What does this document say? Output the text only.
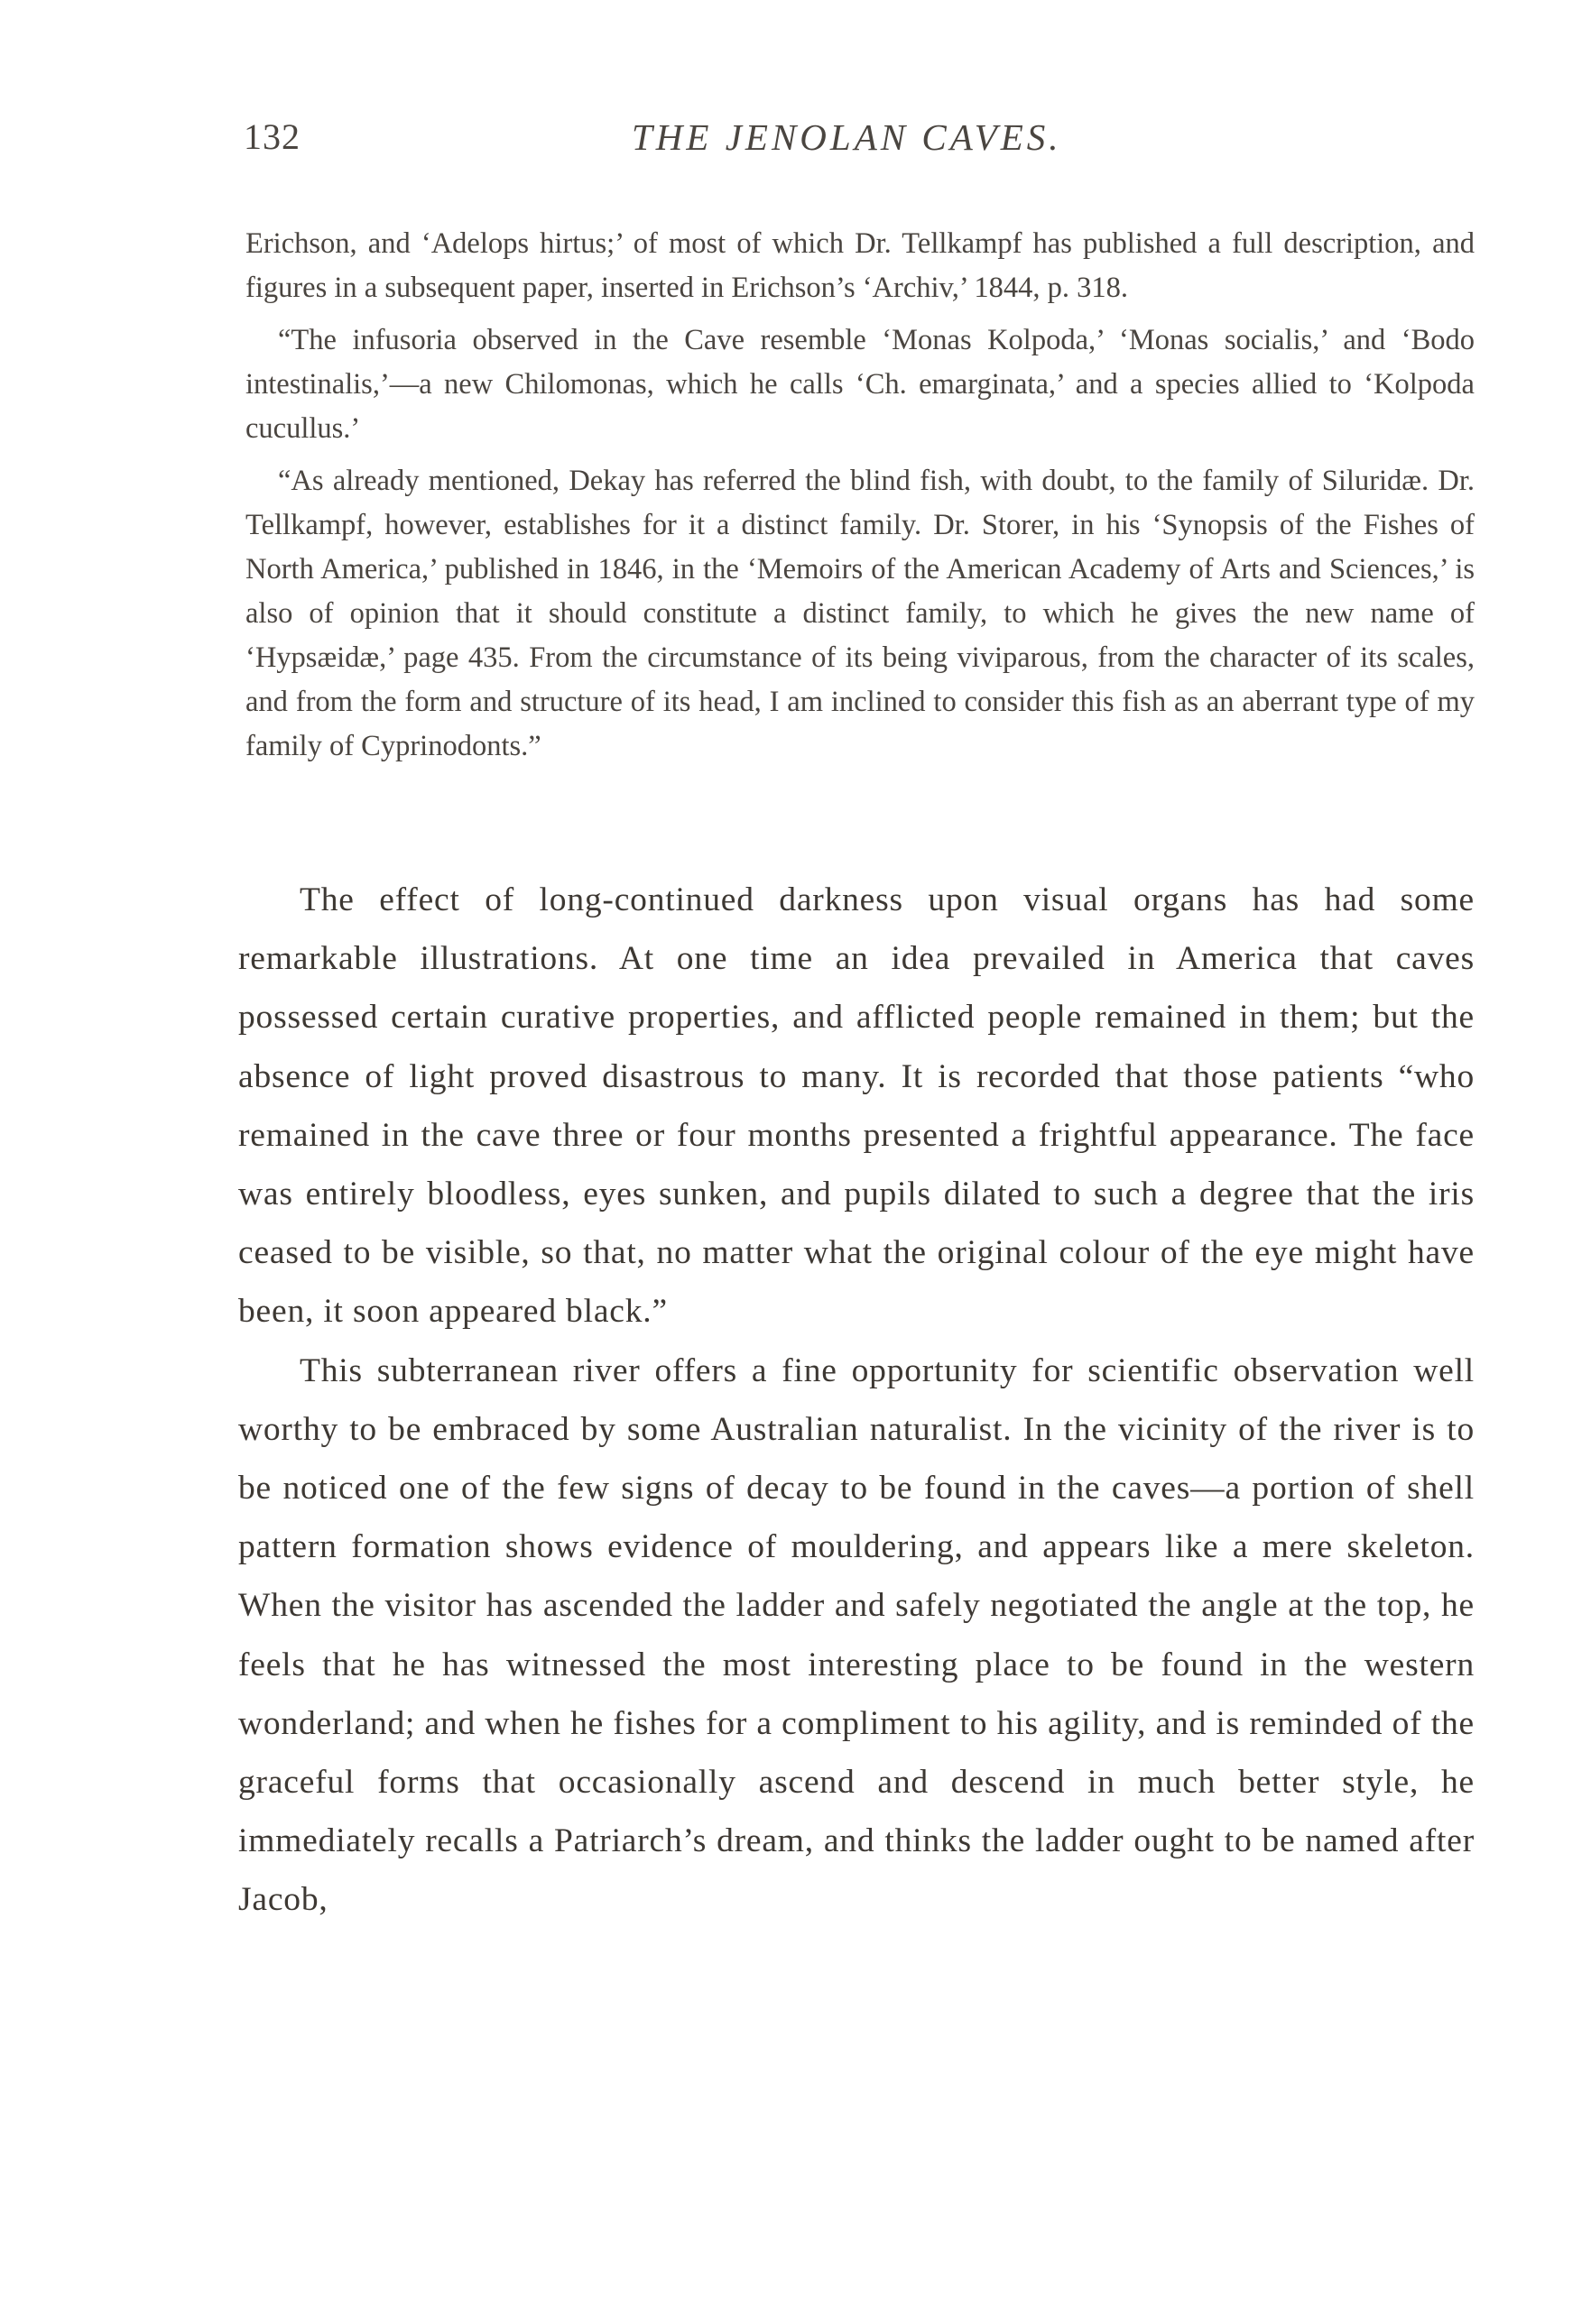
132	THE JENOLAN CAVES.

Erichson, and ‘Adelops hirtus;’ of most of which Dr. Tellkampf has published a full description, and figures in a subsequent paper, inserted in Erichson’s ‘Archiv,’ 1844, p. 318.

“The infusoria observed in the Cave resemble ‘Monas Kolpoda,’ ‘Monas socialis,’ and ‘Bodo intestinalis,’—a new Chilomonas, which he calls ‘Ch. emarginata,’ and a species allied to ‘Kolpoda cucullus.’

“As already mentioned, Dekay has referred the blind fish, with doubt, to the family of Siluridæ. Dr. Tellkampf, however, establishes for it a distinct family. Dr. Storer, in his ‘Synopsis of the Fishes of North America,’ published in 1846, in the ‘Memoirs of the American Academy of Arts and Sciences,’ is also of opinion that it should constitute a distinct family, to which he gives the new name of ‘Hypsæidæ,’ page 435. From the circumstance of its being viviparous, from the character of its scales, and from the form and structure of its head, I am inclined to consider this fish as an aberrant type of my family of Cyprinodonts.”

The effect of long-continued darkness upon visual organs has had some remarkable illustrations. At one time an idea prevailed in America that caves possessed certain curative properties, and afflicted people remained in them; but the absence of light proved disastrous to many. It is recorded that those patients “who remained in the cave three or four months presented a frightful appearance. The face was entirely bloodless, eyes sunken, and pupils dilated to such a degree that the iris ceased to be visible, so that, no matter what the original colour of the eye might have been, it soon appeared black.”

This subterranean river offers a fine opportunity for scientific observation well worthy to be embraced by some Australian naturalist. In the vicinity of the river is to be noticed one of the few signs of decay to be found in the caves—a portion of shell pattern formation shows evidence of mouldering, and appears like a mere skeleton. When the visitor has ascended the ladder and safely negotiated the angle at the top, he feels that he has witnessed the most interesting place to be found in the western wonderland; and when he fishes for a compliment to his agility, and is reminded of the graceful forms that occasionally ascend and descend in much better style, he immediately recalls a Patriarch’s dream, and thinks the ladder ought to be named after Jacob,
